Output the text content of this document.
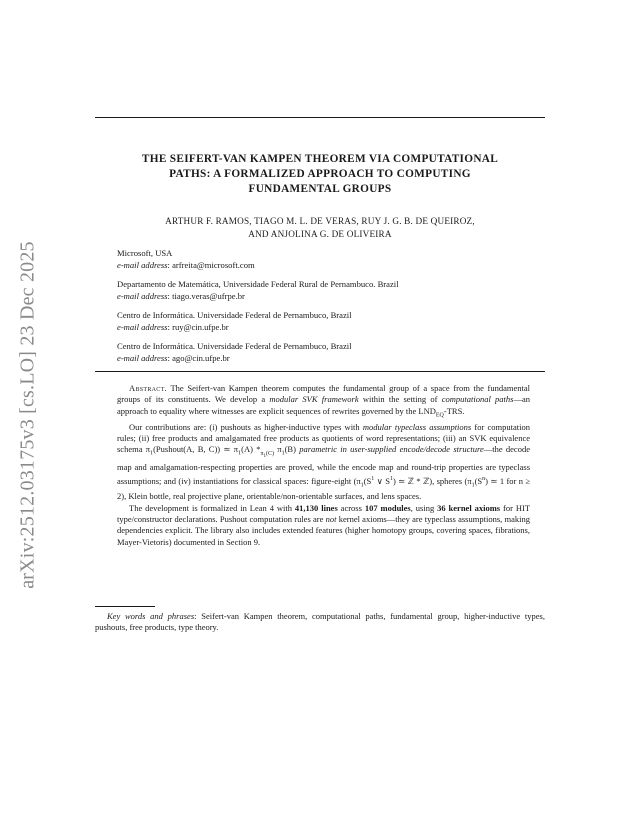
arXiv:2512.03175v3 [cs.LO] 23 Dec 2025
THE SEIFERT-VAN KAMPEN THEOREM VIA COMPUTATIONAL
PATHS: A FORMALIZED APPROACH TO COMPUTING
FUNDAMENTAL GROUPS
ARTHUR F. RAMOS, TIAGO M. L. DE VERAS, RUY J. G. B. DE QUEIROZ,
AND ANJOLINA G. DE OLIVEIRA
Microsoft, USA
e-mail address: arfreita@microsoft.com
Departamento de Matemática, Universidade Federal Rural de Pernambuco. Brazil
e-mail address: tiago.veras@ufrpe.br
Centro de Informática. Universidade Federal de Pernambuco, Brazil
e-mail address: ruy@cin.ufpe.br
Centro de Informática. Universidade Federal de Pernambuco, Brazil
e-mail address: ago@cin.ufpe.br

Abstract. The Seifert-van Kampen theorem computes the fundamental group of a space from the fundamental groups of its constituents. We develop a modular SVK framework within the setting of computational paths—an approach to equality where witnesses are explicit sequences of rewrites governed by the $LND_{EQ}$-TRS.

Our contributions are: (i) pushouts as higher-inductive types with modular typeclass assumptions for computation rules; (ii) free products and amalgamated free products as quotients of word representations; (iii) an SVK equivalence schema $\pi_1(Pushout(A$, B, C)) ≃ $\pi_1(A)$ $*_{\pi_1(C)}$ $\pi_1(B)$ parametric in user-supplied encode/decode structure—the decode map and amalgamation-respecting properties are proved, while the encode map and round-trip properties are typeclass assumptions; and (iv) instantiations for classical spaces: figure-eight ($\pi_1(S^1$ ∨ $S^1$) ≃ ℤ * ℤ), spheres ($\pi_1(S^n)$ ≃ 1 for n ≥ 2), Klein bottle, real projective plane, orientable/non-orientable surfaces, and lens spaces.

The development is formalized in Lean 4 with 41,130 lines across 107 modules, using 36 kernel axioms for HIT type/constructor declarations. Pushout computation rules are not kernel axioms—they are typeclass assumptions, making dependencies explicit. The library also includes extended features (higher homotopy groups, covering spaces, fibrations, Mayer-Vietoris) documented in Section 9.

Key words and phrases: Seifert-van Kampen theorem, computational paths, fundamental group, higher-inductive types, pushouts, free products, type theory.
